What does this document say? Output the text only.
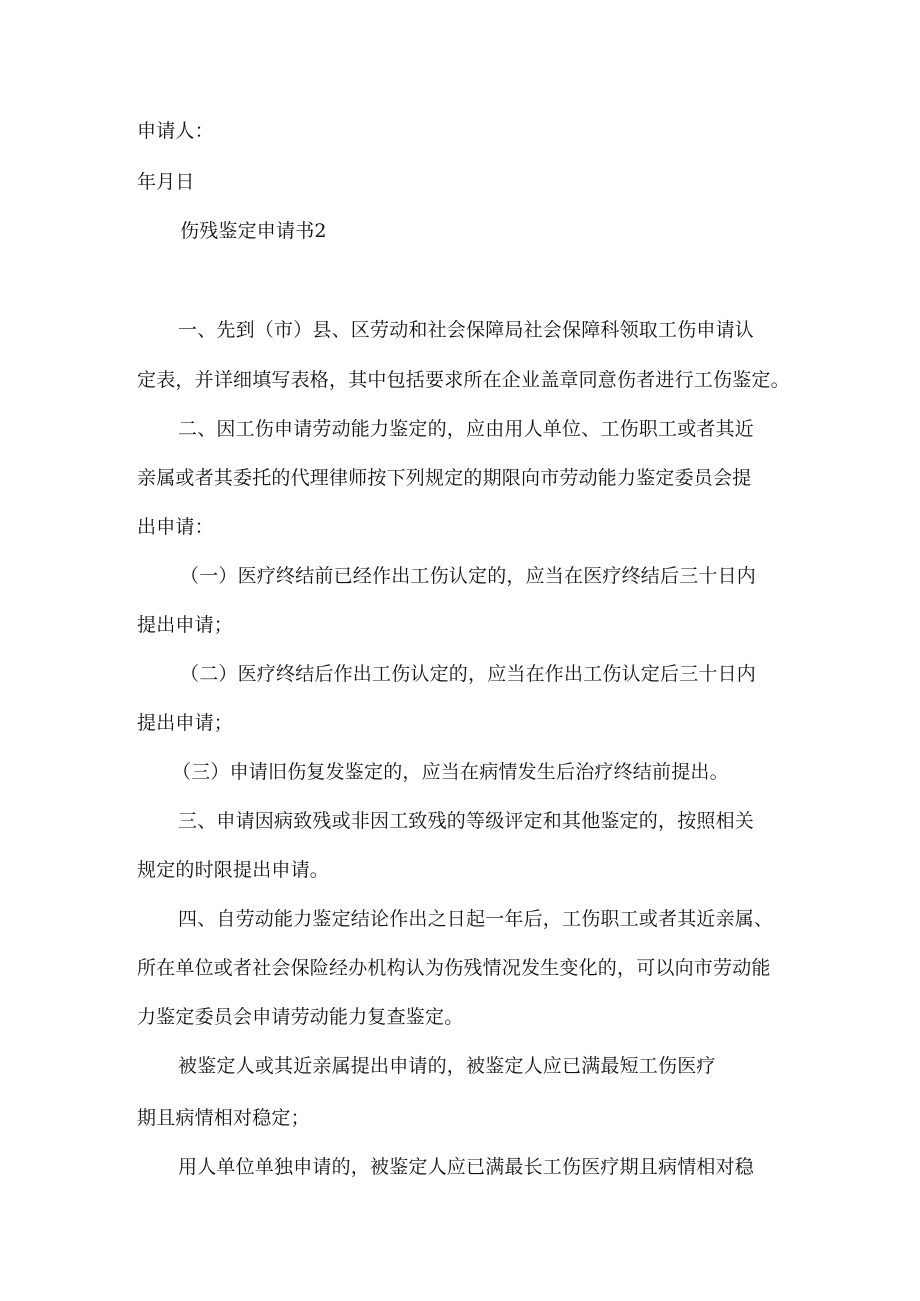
申请人：
年月日
伤残鉴定申请书2
一、先到（市）县、区劳动和社会保障局社会保障科领取工伤申请认
定表，并详细填写表格，其中包括要求所在企业盖章同意伤者进行工伤鉴定。
二、因工伤申请劳动能力鉴定的，应由用人单位、工伤职工或者其近
亲属或者其委托的代理律师按下列规定的期限向市劳动能力鉴定委员会提
出申请：
（一）医疗终结前已经作出工伤认定的，应当在医疗终结后三十日内
提出申请；
（二）医疗终结后作出工伤认定的，应当在作出工伤认定后三十日内
提出申请；
（三）申请旧伤复发鉴定的，应当在病情发生后治疗终结前提出。
三、申请因病致残或非因工致残的等级评定和其他鉴定的，按照相关
规定的时限提出申请。
四、自劳动能力鉴定结论作出之日起一年后，工伤职工或者其近亲属、
所在单位或者社会保险经办机构认为伤残情况发生变化的，可以向市劳动能
力鉴定委员会申请劳动能力复查鉴定。
被鉴定人或其近亲属提出申请的，被鉴定人应已满最短工伤医疗
期且病情相对稳定；
用人单位单独申请的，被鉴定人应已满最长工伤医疗期且病情相对稳
